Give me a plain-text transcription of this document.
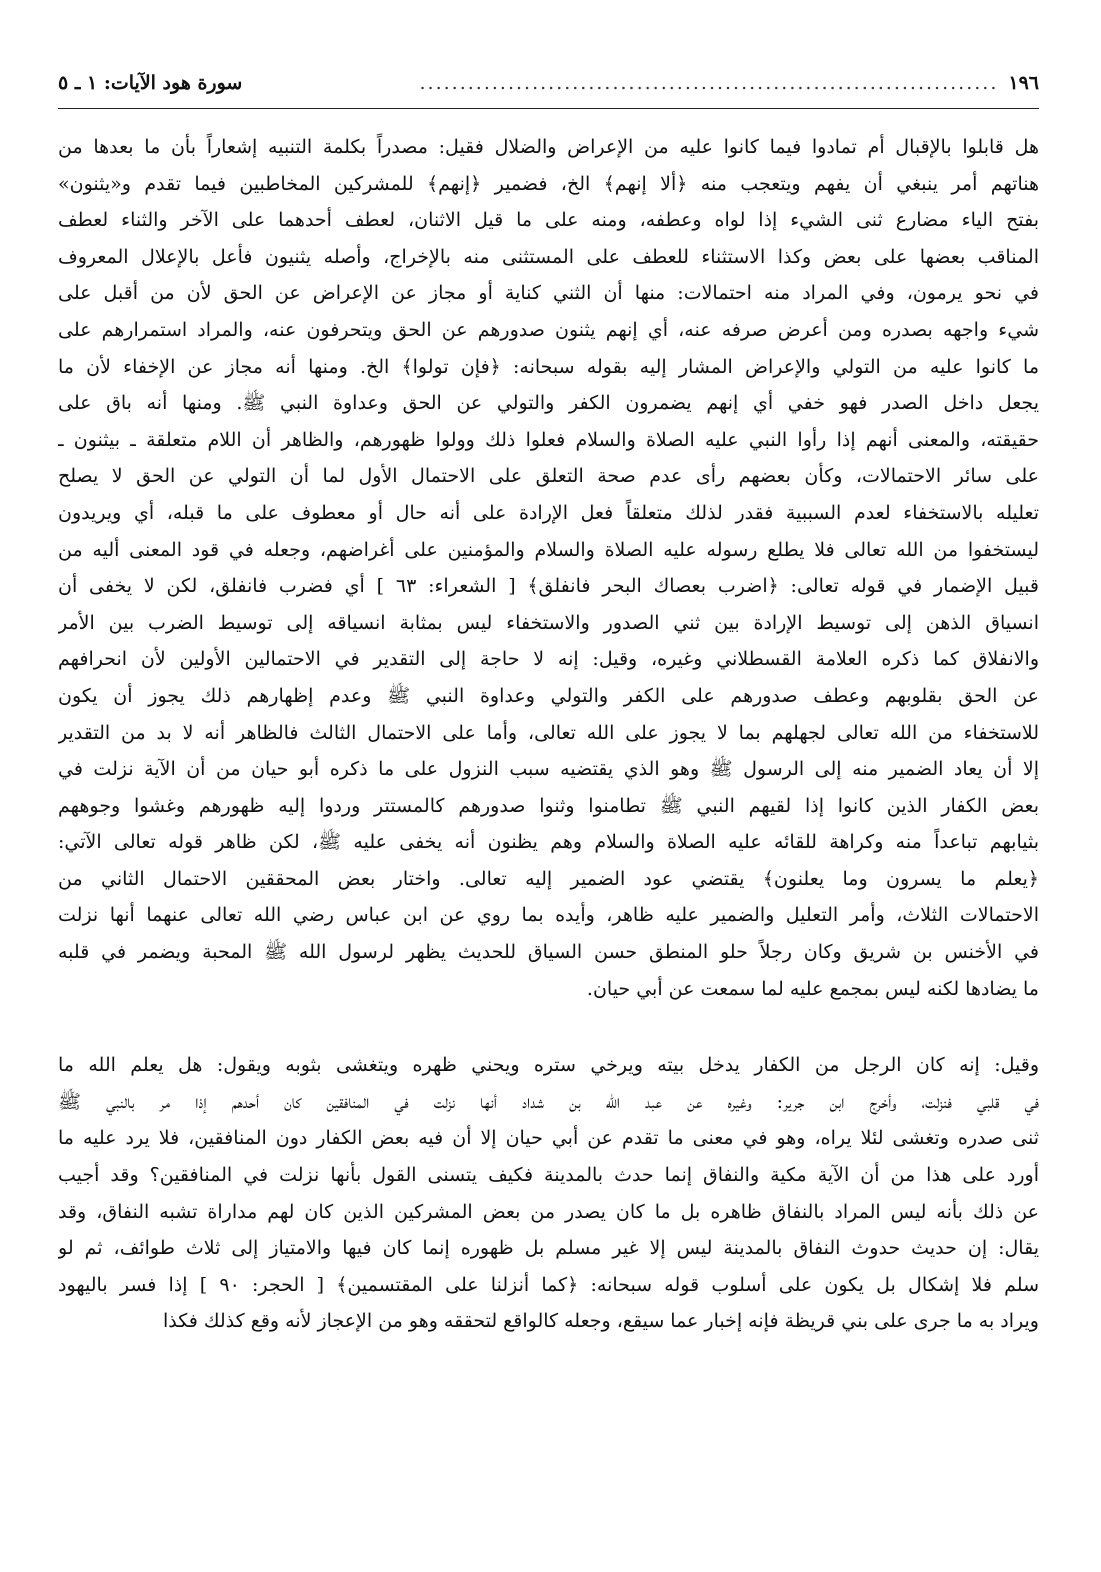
١٩٦
........................................................................
سورة هود الآيات: ١ ـ ٥

هل قابلوا بالإقبال أم تمادوا فيما كانوا عليه من الإعراض والضلال فقيل: مصدراً بكلمة التنبيه إشعاراً بأن ما بعدها من
هناتهم أمر ينبغي أن يفهم ويتعجب منه ﴿ألا إنهم﴾ الخ، فضمير ﴿إنهم﴾ للمشركين المخاطبين فيما تقدم و«يثنون»
بفتح الياء مضارع ثنى الشيء إذا لواه وعطفه، ومنه على ما قيل الاثنان، لعطف أحدهما على الآخر والثناء لعطف
المناقب بعضها على بعض وكذا الاستثناء للعطف على المستثنى منه بالإخراج، وأصله يثنيون فأعل بالإعلال المعروف
في نحو يرمون، وفي المراد منه احتمالات: منها أن الثني كناية أو مجاز عن الإعراض عن الحق لأن من أقبل على
شيء واجهه بصدره ومن أعرض صرفه عنه، أي إنهم يثنون صدورهم عن الحق ويتحرفون عنه، والمراد استمرارهم على
ما كانوا عليه من التولي والإعراض المشار إليه بقوله سبحانه: ﴿فإن تولوا﴾ الخ. ومنها أنه مجاز عن الإخفاء لأن ما
يجعل داخل الصدر فهو خفي أي إنهم يضمرون الكفر والتولي عن الحق وعداوة النبي ﷺ. ومنها أنه باق على
حقيقته، والمعنى أنهم إذا رأوا النبي عليه الصلاة والسلام فعلوا ذلك وولوا ظهورهم، والظاهر أن اللام متعلقة ـ بيثنون ـ
على سائر الاحتمالات، وكأن بعضهم رأى عدم صحة التعلق على الاحتمال الأول لما أن التولي عن الحق لا يصلح
تعليله بالاستخفاء لعدم السببية فقدر لذلك متعلقاً فعل الإرادة على أنه حال أو معطوف على ما قبله، أي ويريدون
ليستخفوا من الله تعالى فلا يطلع رسوله عليه الصلاة والسلام والمؤمنين على أغراضهم، وجعله في قود المعنى أليه من
قبيل الإضمار في قوله تعالى: ﴿اضرب بعصاك البحر فانفلق﴾ [ الشعراء: ٦٣ ] أي فضرب فانفلق، لكن لا يخفى أن
انسياق الذهن إلى توسيط الإرادة بين ثني الصدور والاستخفاء ليس بمثابة انسياقه إلى توسيط الضرب بين الأمر
والانفلاق كما ذكره العلامة القسطلاني وغيره، وقيل: إنه لا حاجة إلى التقدير في الاحتمالين الأولين لأن انحرافهم
عن الحق بقلوبهم وعطف صدورهم على الكفر والتولي وعداوة النبي ﷺ وعدم إظهارهم ذلك يجوز أن يكون
للاستخفاء من الله تعالى لجهلهم بما لا يجوز على الله تعالى، وأما على الاحتمال الثالث فالظاهر أنه لا بد من التقدير
إلا أن يعاد الضمير منه إلى الرسول ﷺ وهو الذي يقتضيه سبب النزول على ما ذكره أبو حيان من أن الآية نزلت في
بعض الكفار الذين كانوا إذا لقيهم النبي ﷺ تطامنوا وثنوا صدورهم كالمستتر وردوا إليه ظهورهم وغشوا وجوههم
بثيابهم تباعداً منه وكراهة للقائه عليه الصلاة والسلام وهم يظنون أنه يخفى عليه ﷺ، لكن ظاهر قوله تعالى الآتي:
﴿يعلم ما يسرون وما يعلنون﴾ يقتضي عود الضمير إليه تعالى. واختار بعض المحققين الاحتمال الثاني من
الاحتمالات الثلاث، وأمر التعليل والضمير عليه ظاهر، وأيده بما روي عن ابن عباس رضي الله تعالى عنهما أنها نزلت
في الأخنس بن شريق وكان رجلاً حلو المنطق حسن السياق للحديث يظهر لرسول الله ﷺ المحبة ويضمر في قلبه
ما يضادها لكنه ليس بمجمع عليه لما سمعت عن أبي حيان.

وقيل: إنه كان الرجل من الكفار يدخل بيته ويرخي ستره ويحني ظهره ويتغشى بثوبه ويقول: هل يعلم الله ما
في قلبي فنزلت، وأخرج ابن جرير: وغيره عن عبد الله بن شداد أنها نزلت في المنافقين كان أحدهم إذا مر بالنبي ﷺ
ثنى صدره وتغشى لئلا يراه، وهو في معنى ما تقدم عن أبي حيان إلا أن فيه بعض الكفار دون المنافقين، فلا يرد عليه ما
أورد على هذا من أن الآية مكية والنفاق إنما حدث بالمدينة فكيف يتسنى القول بأنها نزلت في المنافقين؟ وقد أجيب
عن ذلك بأنه ليس المراد بالنفاق ظاهره بل ما كان يصدر من بعض المشركين الذين كان لهم مداراة تشبه النفاق، وقد
يقال: إن حديث حدوث النفاق بالمدينة ليس إلا غير مسلم بل ظهوره إنما كان فيها والامتياز إلى ثلاث طوائف، ثم لو
سلم فلا إشكال بل يكون على أسلوب قوله سبحانه: ﴿كما أنزلنا على المقتسمين﴾ [ الحجر: ٩٠ ] إذا فسر باليهود
ويراد به ما جرى على بني قريظة فإنه إخبار عما سيقع، وجعله كالواقع لتحققه وهو من الإعجاز لأنه وقع كذلك فكذا
